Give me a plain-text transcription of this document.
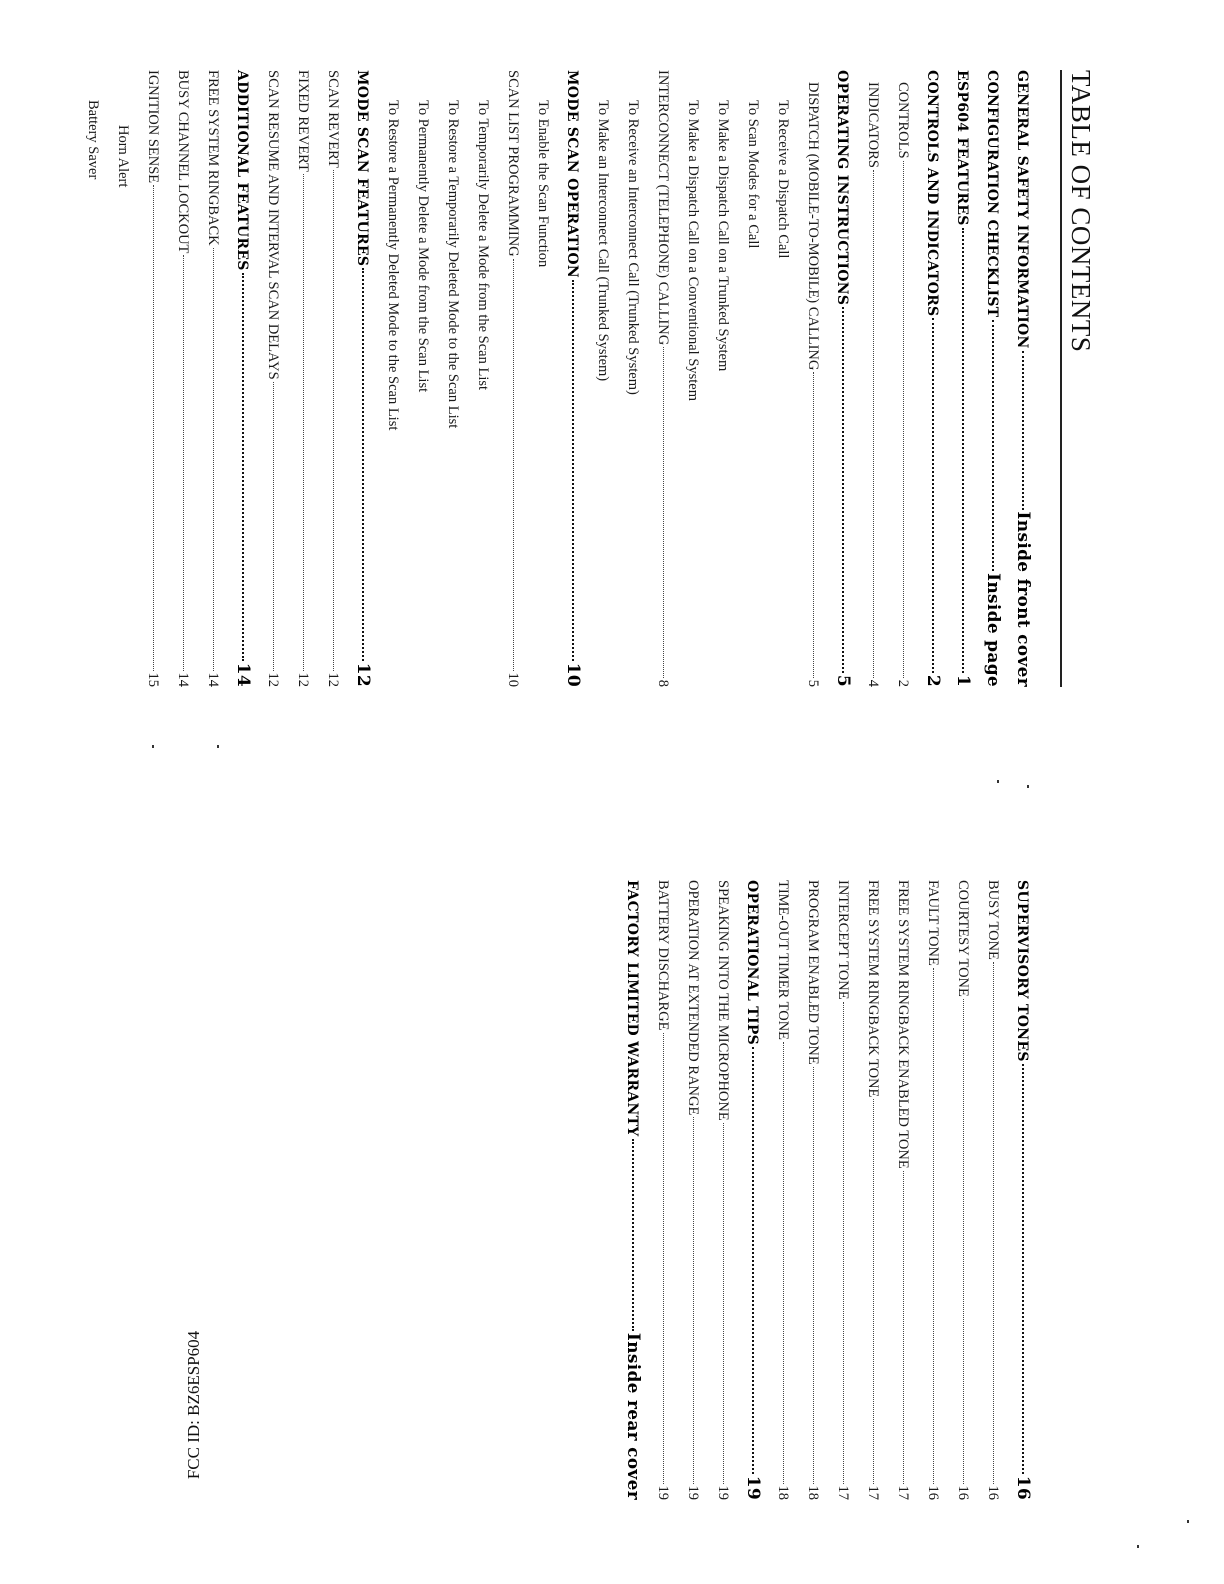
TABLE OF CONTENTS
GENERAL SAFETY INFORMATION
Inside front cover
CONFIGURATION CHECKLIST
Inside page
ESP604 FEATURES
1
CONTROLS AND INDICATORS
2
CONTROLS
2
INDICATORS
4
OPERATING INSTRUCTIONS
5
DISPATCH (MOBILE-TO-MOBILE) CALLING
5
To Receive a Dispatch Call
To Scan Modes for a Call
To Make a Dispatch Call on a Trunked System
To Make a Dispatch Call on a Conventional System
INTERCONNECT (TELEPHONE) CALLING
8
To Receive an Interconnect Call (Trunked System)
To Make an Interconnect Call (Trunked System)
MODE SCAN OPERATION
10
To Enable the Scan Function
SCAN LIST PROGRAMMING
10
To Temporarily Delete a Mode from the Scan List
To Restore a Temporarily Deleted Mode to the Scan List
To Permanently Delete a Mode from the Scan List
To Restore a Permanently Deleted Mode to the Scan List
MODE SCAN FEATURES
12
SCAN REVERT
12
FIXED REVERT
12
SCAN RESUME AND INTERVAL SCAN DELAYS
12
ADDITIONAL FEATURES
14
FREE SYSTEM RINGBACK
14
BUSY CHANNEL LOCKOUT
14
IGNITION SENSE
15
Horn Alert
Battery Saver
SUPERVISORY TONES
16
BUSY TONE
16
COURTESY TONE
16
FAULT TONE
16
FREE SYSTEM RINGBACK ENABLED TONE
17
FREE SYSTEM RINGBACK TONE
17
INTERCEPT TONE
17
PROGRAM ENABLED TONE
18
TIME-OUT TIMER TONE
18
OPERATIONAL TIPS
19
SPEAKING INTO THE MICROPHONE
19
OPERATION AT EXTENDED RANGE
19
BATTERY DISCHARGE
19
FACTORY LIMITED WARRANTY
Inside rear cover
FCC ID: BZ6ESP604
